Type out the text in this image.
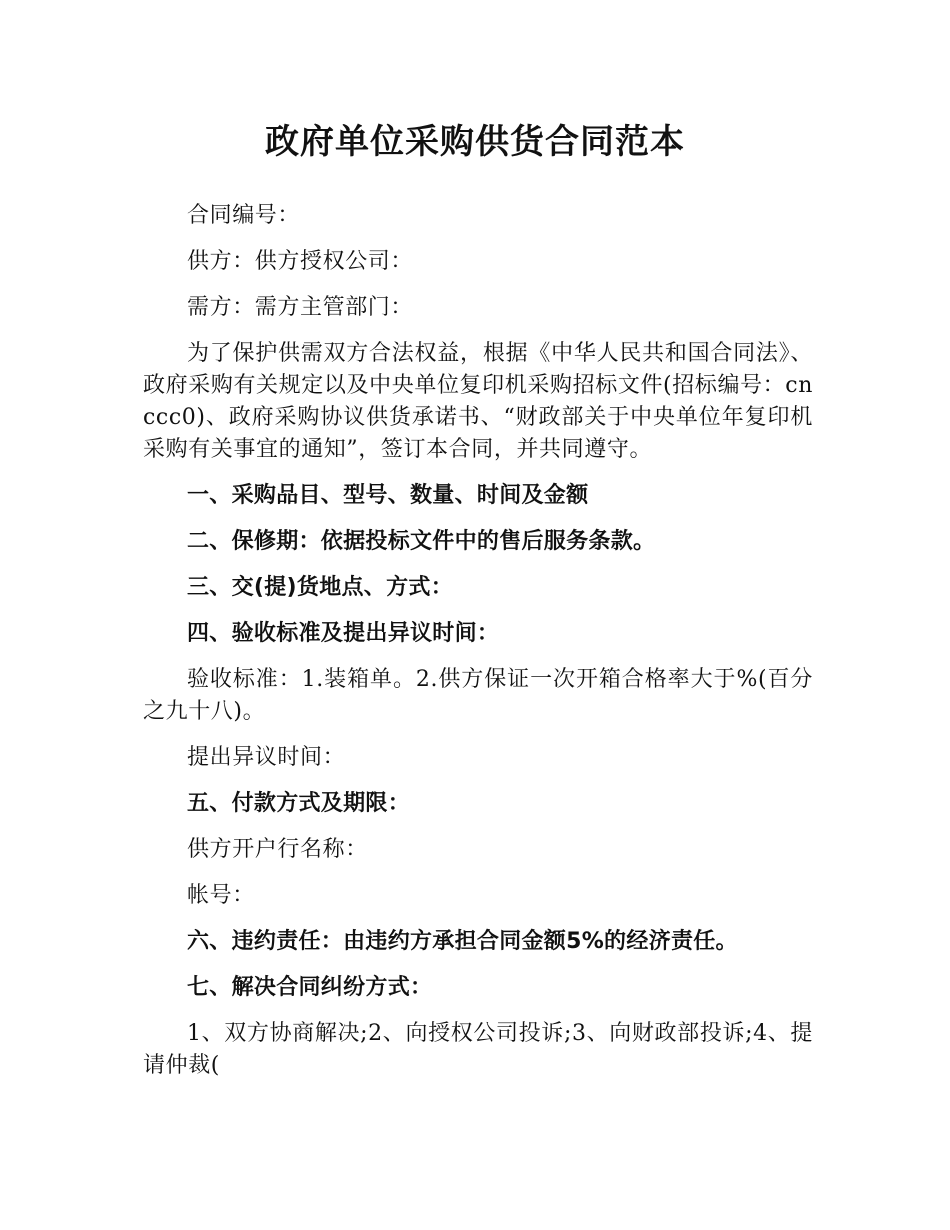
政府单位采购供货合同范本

合同编号：

供方：供方授权公司：

需方：需方主管部门：

为了保护供需双方合法权益，根据《中华人民共和国合同法》、政府采购有关规定以及中央单位复印机采购招标文件(招标编号：cnccc0)、政府采购协议供货承诺书、“财政部关于中央单位年复印机采购有关事宜的通知”，签订本合同，并共同遵守。

一、采购品目、型号、数量、时间及金额

二、保修期：依据投标文件中的售后服务条款。

三、交(提)货地点、方式：

四、验收标准及提出异议时间：

验收标准：1.装箱单。2.供方保证一次开箱合格率大于%(百分之九十八)。

提出异议时间：

五、付款方式及期限：

供方开户行名称：

帐号：

六、违约责任：由违约方承担合同金额5%的经济责任。

七、解决合同纠纷方式：

1、双方协商解决;2、向授权公司投诉;3、向财政部投诉;4、提请仲裁(
